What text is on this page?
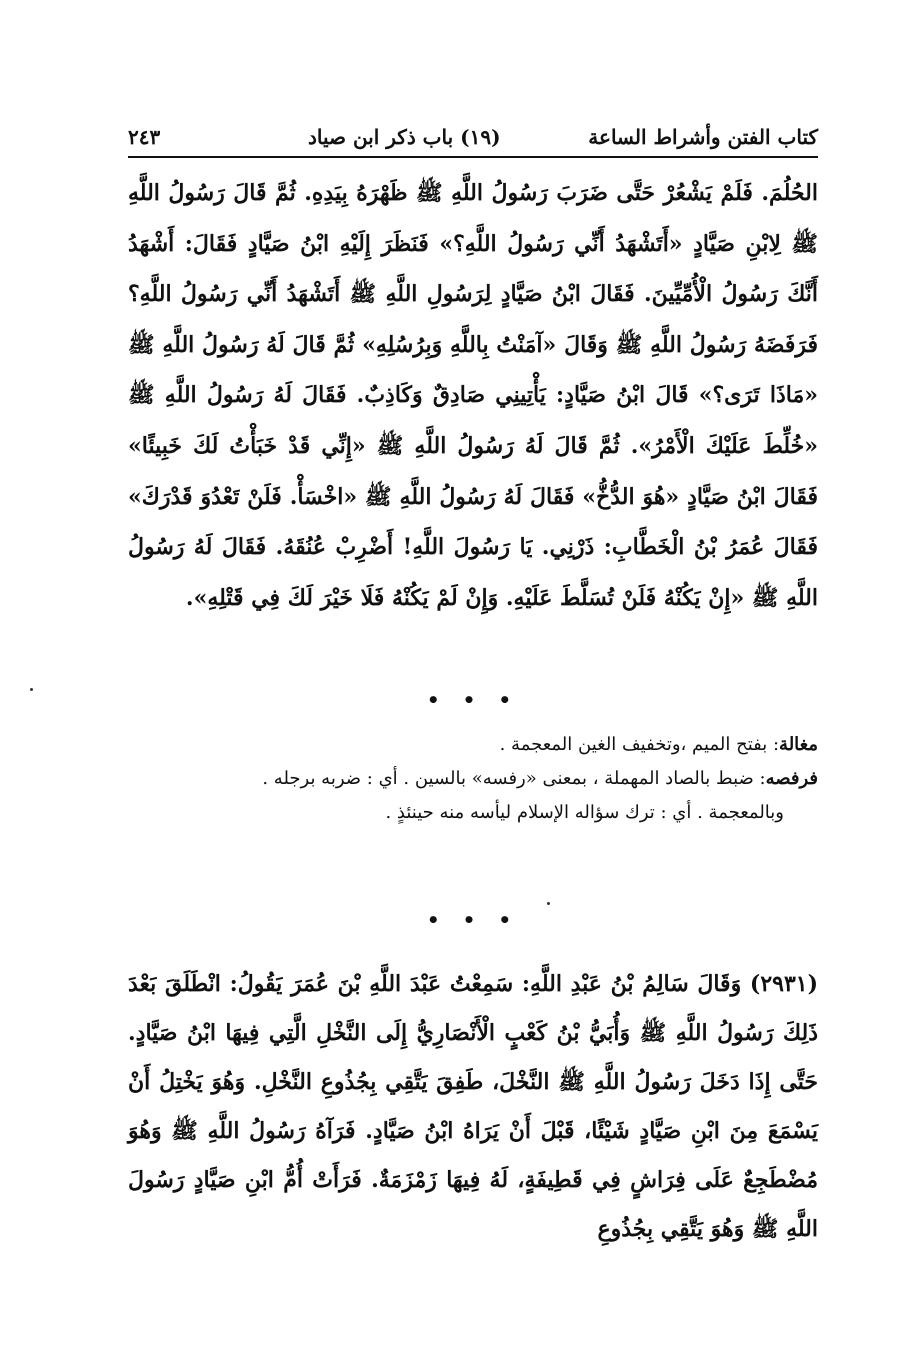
كتاب الفتن وأشراط الساعة
(١٩) باب ذكر ابن صياد
٢٤٣

الحُلُمَ. فَلَمْ يَشْعُرْ حَتَّى ضَرَبَ رَسُولُ اللَّهِ ﷺ ظَهْرَهُ بِيَدِهِ. ثُمَّ قَالَ رَسُولُ اللَّهِ ﷺ لِابْنِ صَيَّادٍ «أَتَشْهَدُ أَنِّي رَسُولُ اللَّهِ؟» فَنَظَرَ إِلَيْهِ ابْنُ صَيَّادٍ فَقَالَ: أَشْهَدُ أَنَّكَ رَسُولُ الْأُمِّيِّينَ. فَقَالَ ابْنُ صَيَّادٍ لِرَسُولِ اللَّهِ ﷺ أَتَشْهَدُ أَنِّي رَسُولُ اللَّهِ؟ فَرَفَضَهُ رَسُولُ اللَّهِ ﷺ وَقَالَ «آمَنْتُ بِاللَّهِ وَبِرُسُلِهِ» ثُمَّ قَالَ لَهُ رَسُولُ اللَّهِ ﷺ «مَاذَا تَرَى؟» قَالَ ابْنُ صَيَّادٍ: يَأْتِينِي صَادِقٌ وَكَاذِبٌ. فَقَالَ لَهُ رَسُولُ اللَّهِ ﷺ «خُلِّطَ عَلَيْكَ الْأَمْرُ». ثُمَّ قَالَ لَهُ رَسُولُ اللَّهِ ﷺ «إِنِّي قَدْ خَبَأْتُ لَكَ خَبِيئًا» فَقَالَ ابْنُ صَيَّادٍ «هُوَ الدُّخُّ» فَقَالَ لَهُ رَسُولُ اللَّهِ ﷺ «اخْسَأْ. فَلَنْ تَعْدُوَ قَدْرَكَ» فَقَالَ عُمَرُ بْنُ الْخَطَّابِ: ذَرْنِي. يَا رَسُولَ اللَّهِ! أَضْرِبْ عُنُقَهُ. فَقَالَ لَهُ رَسُولُ اللَّهِ ﷺ «إِنْ يَكُنْهُ فَلَنْ تُسَلَّطَ عَلَيْهِ. وَإِنْ لَمْ يَكُنْهُ فَلَا خَيْرَ لَكَ فِي قَتْلِهِ».

• • •

مغالة: بفتح الميم ،وتخفيف الغين المعجمة .

فرفصه: ضبط بالصاد المهملة ، بمعنى «رفسه» بالسين . أي : ضربه برجله .

وبالمعجمة . أي : ترك سؤاله الإسلام ليأسه منه حينئذٍ .

• • •

(٢٩٣١) وَقَالَ سَالِمُ بْنُ عَبْدِ اللَّهِ: سَمِعْتُ عَبْدَ اللَّهِ بْنَ عُمَرَ يَقُولُ: انْطَلَقَ بَعْدَ ذَلِكَ رَسُولُ اللَّهِ ﷺ وَأُبَيُّ بْنُ كَعْبٍ الْأَنْصَارِيُّ إِلَى النَّخْلِ الَّتِي فِيهَا ابْنُ صَيَّادٍ. حَتَّى إِذَا دَخَلَ رَسُولُ اللَّهِ ﷺ النَّخْلَ، طَفِقَ يَتَّقِي بِجُذُوعِ النَّخْلِ. وَهُوَ يَخْتِلُ أَنْ يَسْمَعَ مِنَ ابْنِ صَيَّادٍ شَيْئًا، قَبْلَ أَنْ يَرَاهُ ابْنُ صَيَّادٍ. فَرَآهُ رَسُولُ اللَّهِ ﷺ وَهُوَ مُضْطَجِعٌ عَلَى فِرَاشٍ فِي قَطِيفَةٍ، لَهُ فِيهَا زَمْزَمَةٌ. فَرَأَتْ أُمُّ ابْنِ صَيَّادٍ رَسُولَ اللَّهِ ﷺ وَهُوَ يَتَّقِي بِجُذُوعِ
